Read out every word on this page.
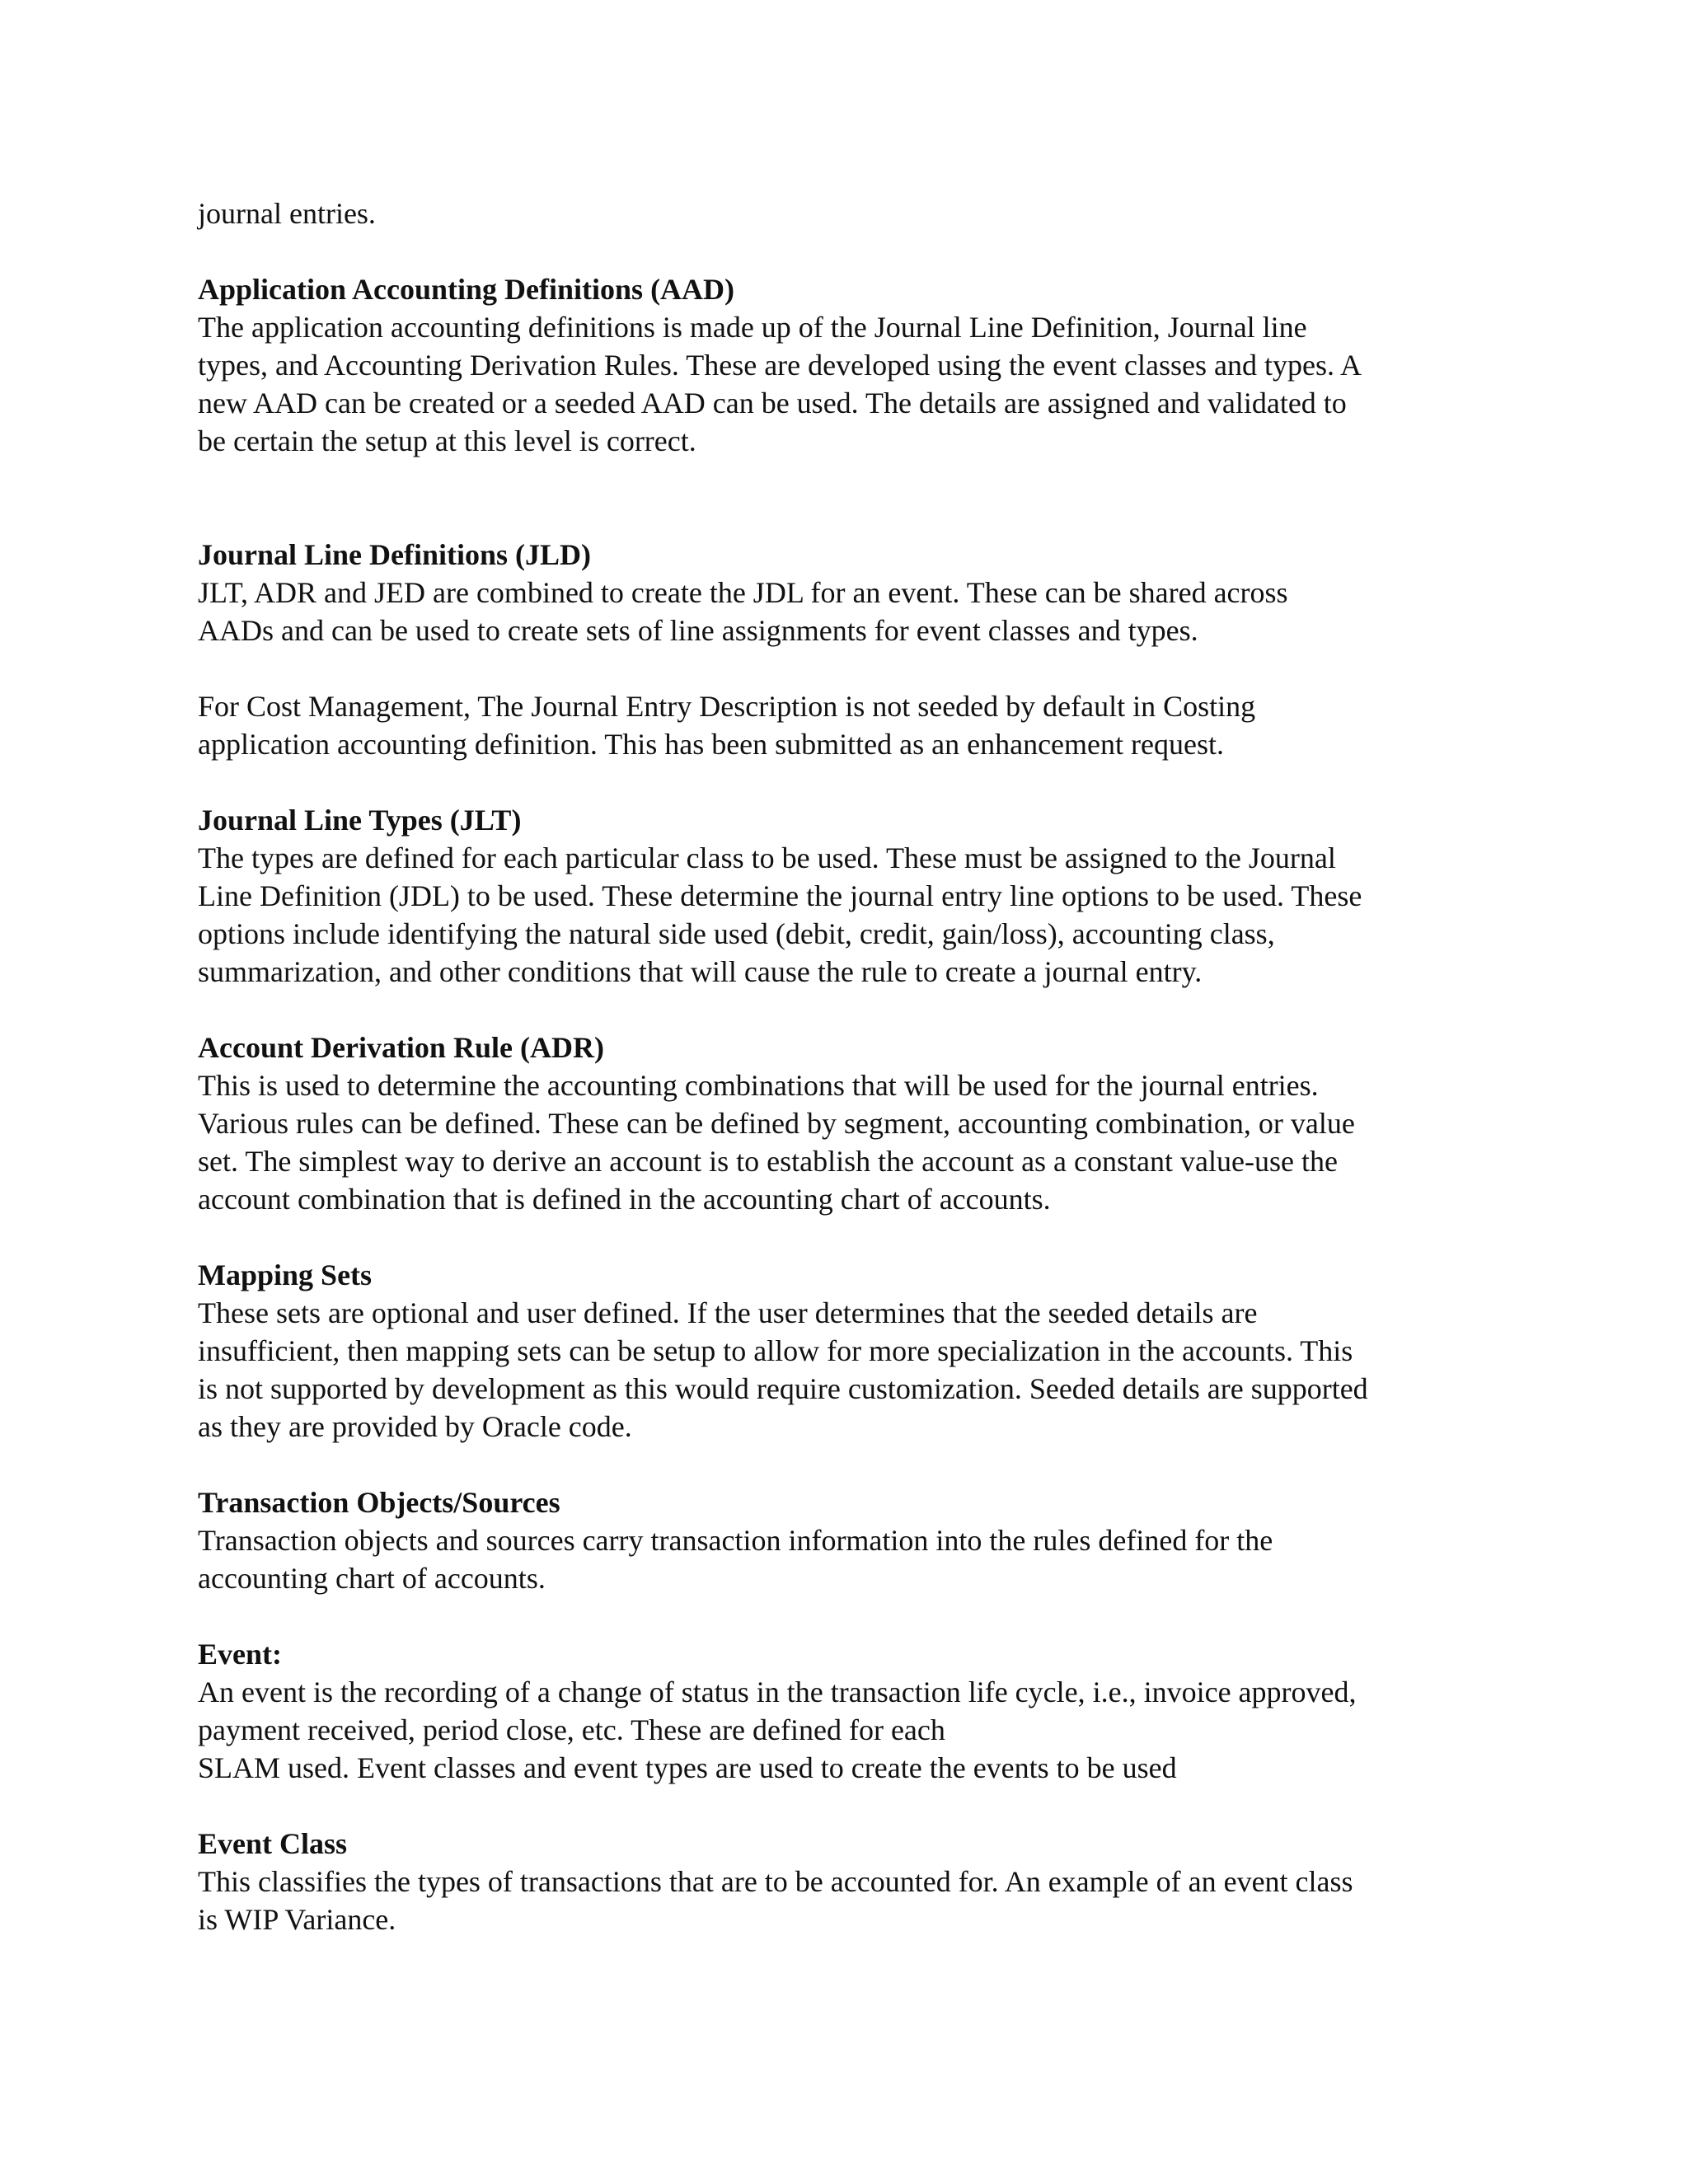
journal entries.
Application Accounting Definitions (AAD)
The application accounting definitions is made up of the Journal Line Definition, Journal line
types, and Accounting Derivation Rules. These are developed using the event classes and types. A
new AAD can be created or a seeded AAD can be used. The details are assigned and validated to
be certain the setup at this level is correct.
Journal Line Definitions (JLD)
JLT, ADR and JED are combined to create the JDL for an event. These can be shared across
AADs and can be used to create sets of line assignments for event classes and types.
For Cost Management, The Journal Entry Description is not seeded by default in Costing
application accounting definition. This has been submitted as an enhancement request.
Journal Line Types (JLT)
The types are defined for each particular class to be used. These must be assigned to the Journal
Line Definition (JDL) to be used. These determine the journal entry line options to be used. These
options include identifying the natural side used (debit, credit, gain/loss), accounting class,
summarization, and other conditions that will cause the rule to create a journal entry.
Account Derivation Rule (ADR)
This is used to determine the accounting combinations that will be used for the journal entries.
Various rules can be defined. These can be defined by segment, accounting combination, or value
set. The simplest way to derive an account is to establish the account as a constant value-use the
account combination that is defined in the accounting chart of accounts.
Mapping Sets
These sets are optional and user defined. If the user determines that the seeded details are
insufficient, then mapping sets can be setup to allow for more specialization in the accounts. This
is not supported by development as this would require customization. Seeded details are supported
as they are provided by Oracle code.
Transaction Objects/Sources
Transaction objects and sources carry transaction information into the rules defined for the
accounting chart of accounts.
Event:
An event is the recording of a change of status in the transaction life cycle, i.e., invoice approved,
payment received, period close, etc. These are defined for each
SLAM used. Event classes and event types are used to create the events to be used
Event Class
This classifies the types of transactions that are to be accounted for. An example of an event class
is WIP Variance.
